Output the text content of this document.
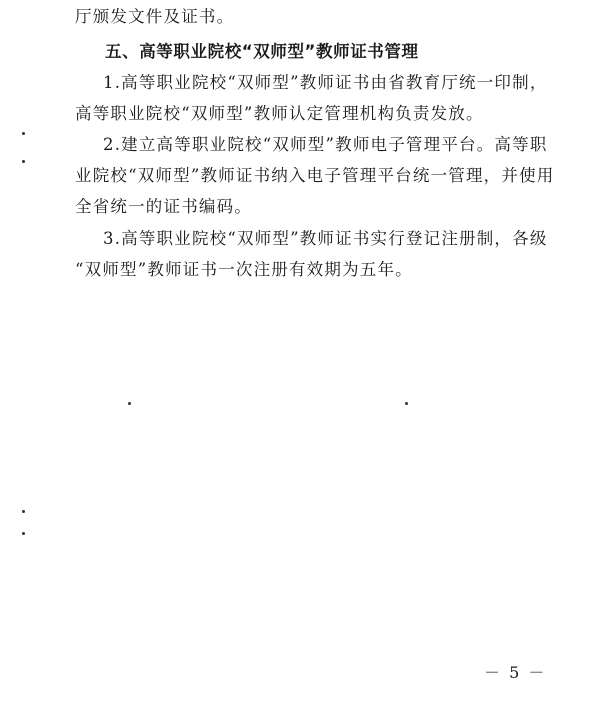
厅颁发文件及证书。
五、高等职业院校“双师型”教师证书管理
1.高等职业院校“双师型”教师证书由省教育厅统一印制，
高等职业院校“双师型”教师认定管理机构负责发放。
2.建立高等职业院校“双师型”教师电子管理平台。高等职
业院校“双师型”教师证书纳入电子管理平台统一管理，并使用
全省统一的证书编码。
3.高等职业院校“双师型”教师证书实行登记注册制，各级
“双师型”教师证书一次注册有效期为五年。
－ 5 －
